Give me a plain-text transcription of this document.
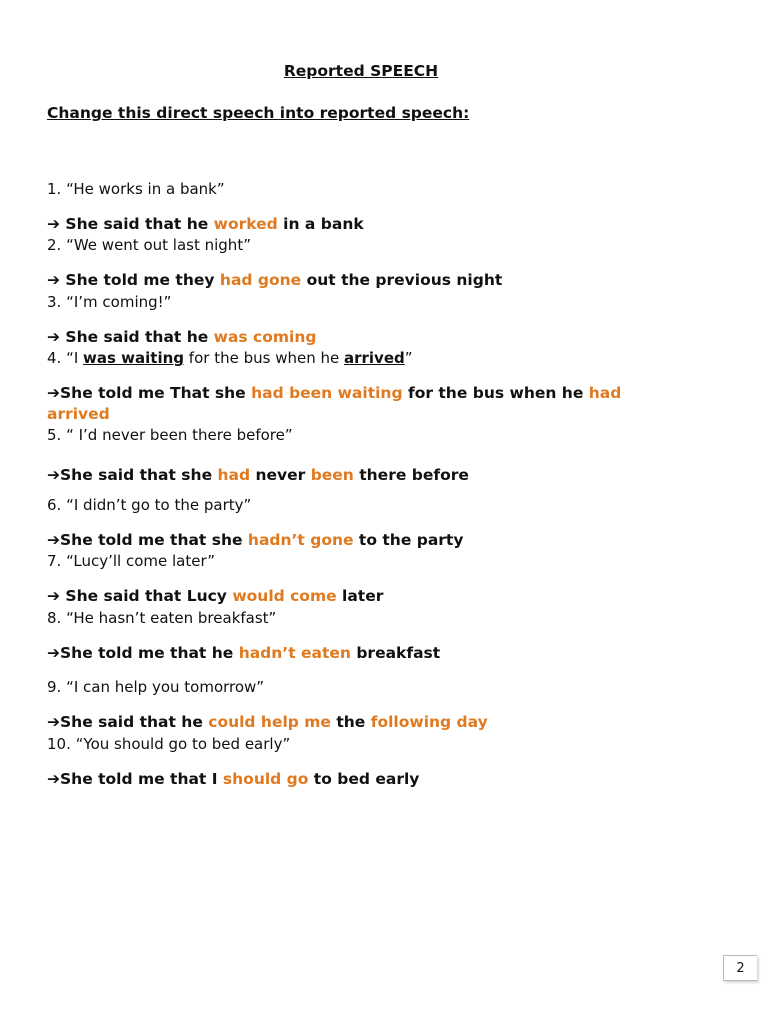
Reported SPEECH

Change this direct speech into reported speech:

1. “He works in a bank”

➔ She said that he worked in a bank

2. “We went out last night”

➔ She told me they had gone out the previous night

3. “I’m coming!”

➔ She said that he was coming

4. “I was waiting for the bus when he arrived”

➔She told me That she had been waiting for the bus when he had arrived

5. “ I’d never been there before”

➔She said that she had never been there before

6. “I didn’t go to the party”

➔She told me that she hadn’t gone to the party

7. “Lucy’ll come later”

➔ She said that Lucy would come later

8. “He hasn’t eaten breakfast”

➔She told me that he hadn’t eaten breakfast

9. “I can help you tomorrow”

➔She said that he could help me the following day

10. “You should go to bed early”

➔She told me that I should go to bed early

2
